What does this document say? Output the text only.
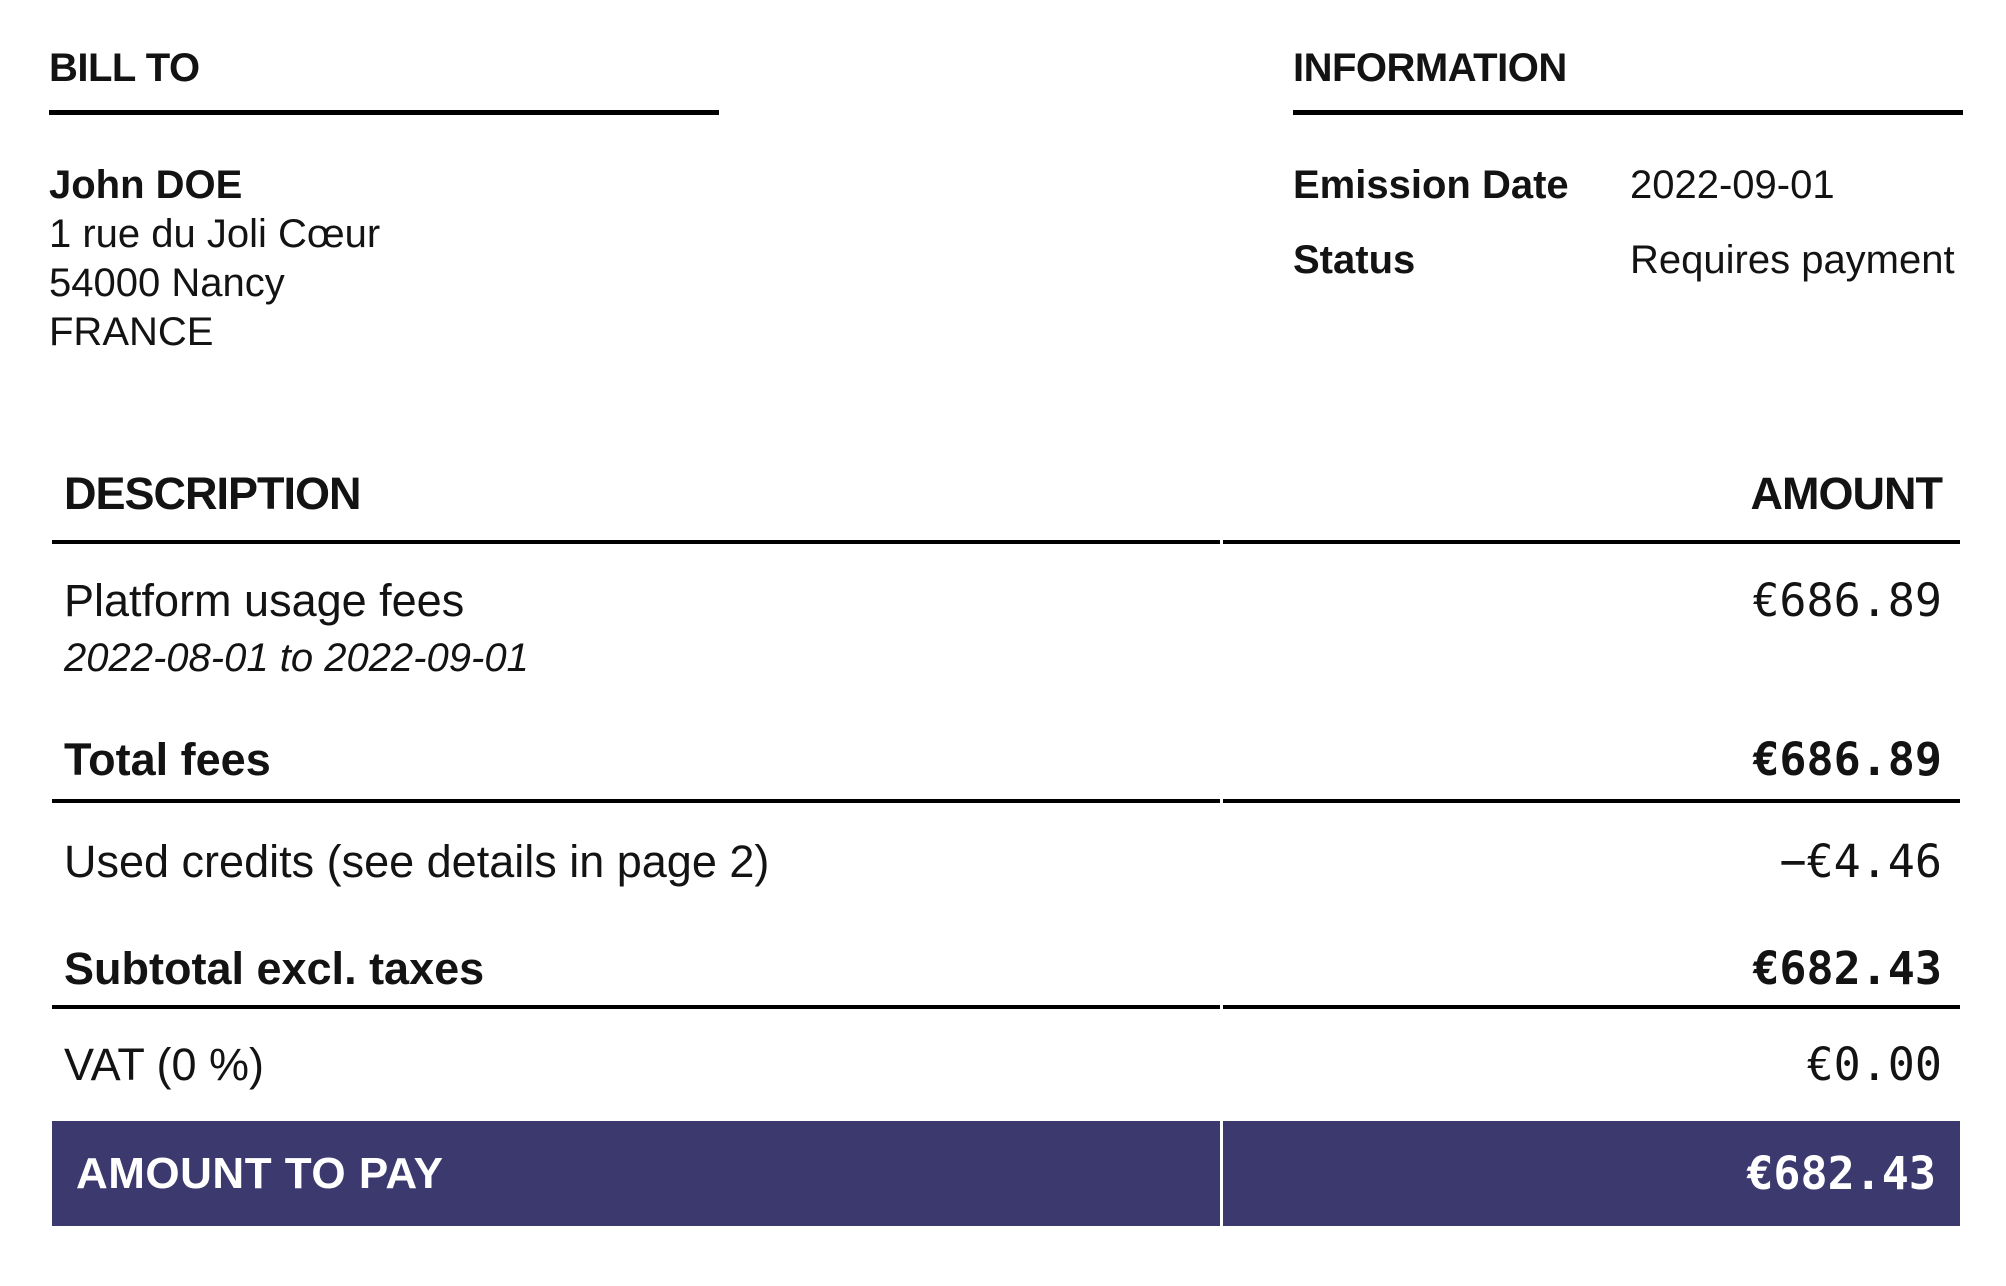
BILL TO
John DOE
1 rue du Joli Cœur
54000 Nancy
FRANCE
INFORMATION
Emission Date	2022-09-01
Status	Requires payment
DESCRIPTION	AMOUNT

Platform usage fees
2022-08-01 to 2022-09-01	€686.89
Total fees	€686.89
Used credits (see details in page 2)	−€4.46
Subtotal excl. taxes	€682.43
VAT (0 %)	€0.00
AMOUNT TO PAY	€682.43
